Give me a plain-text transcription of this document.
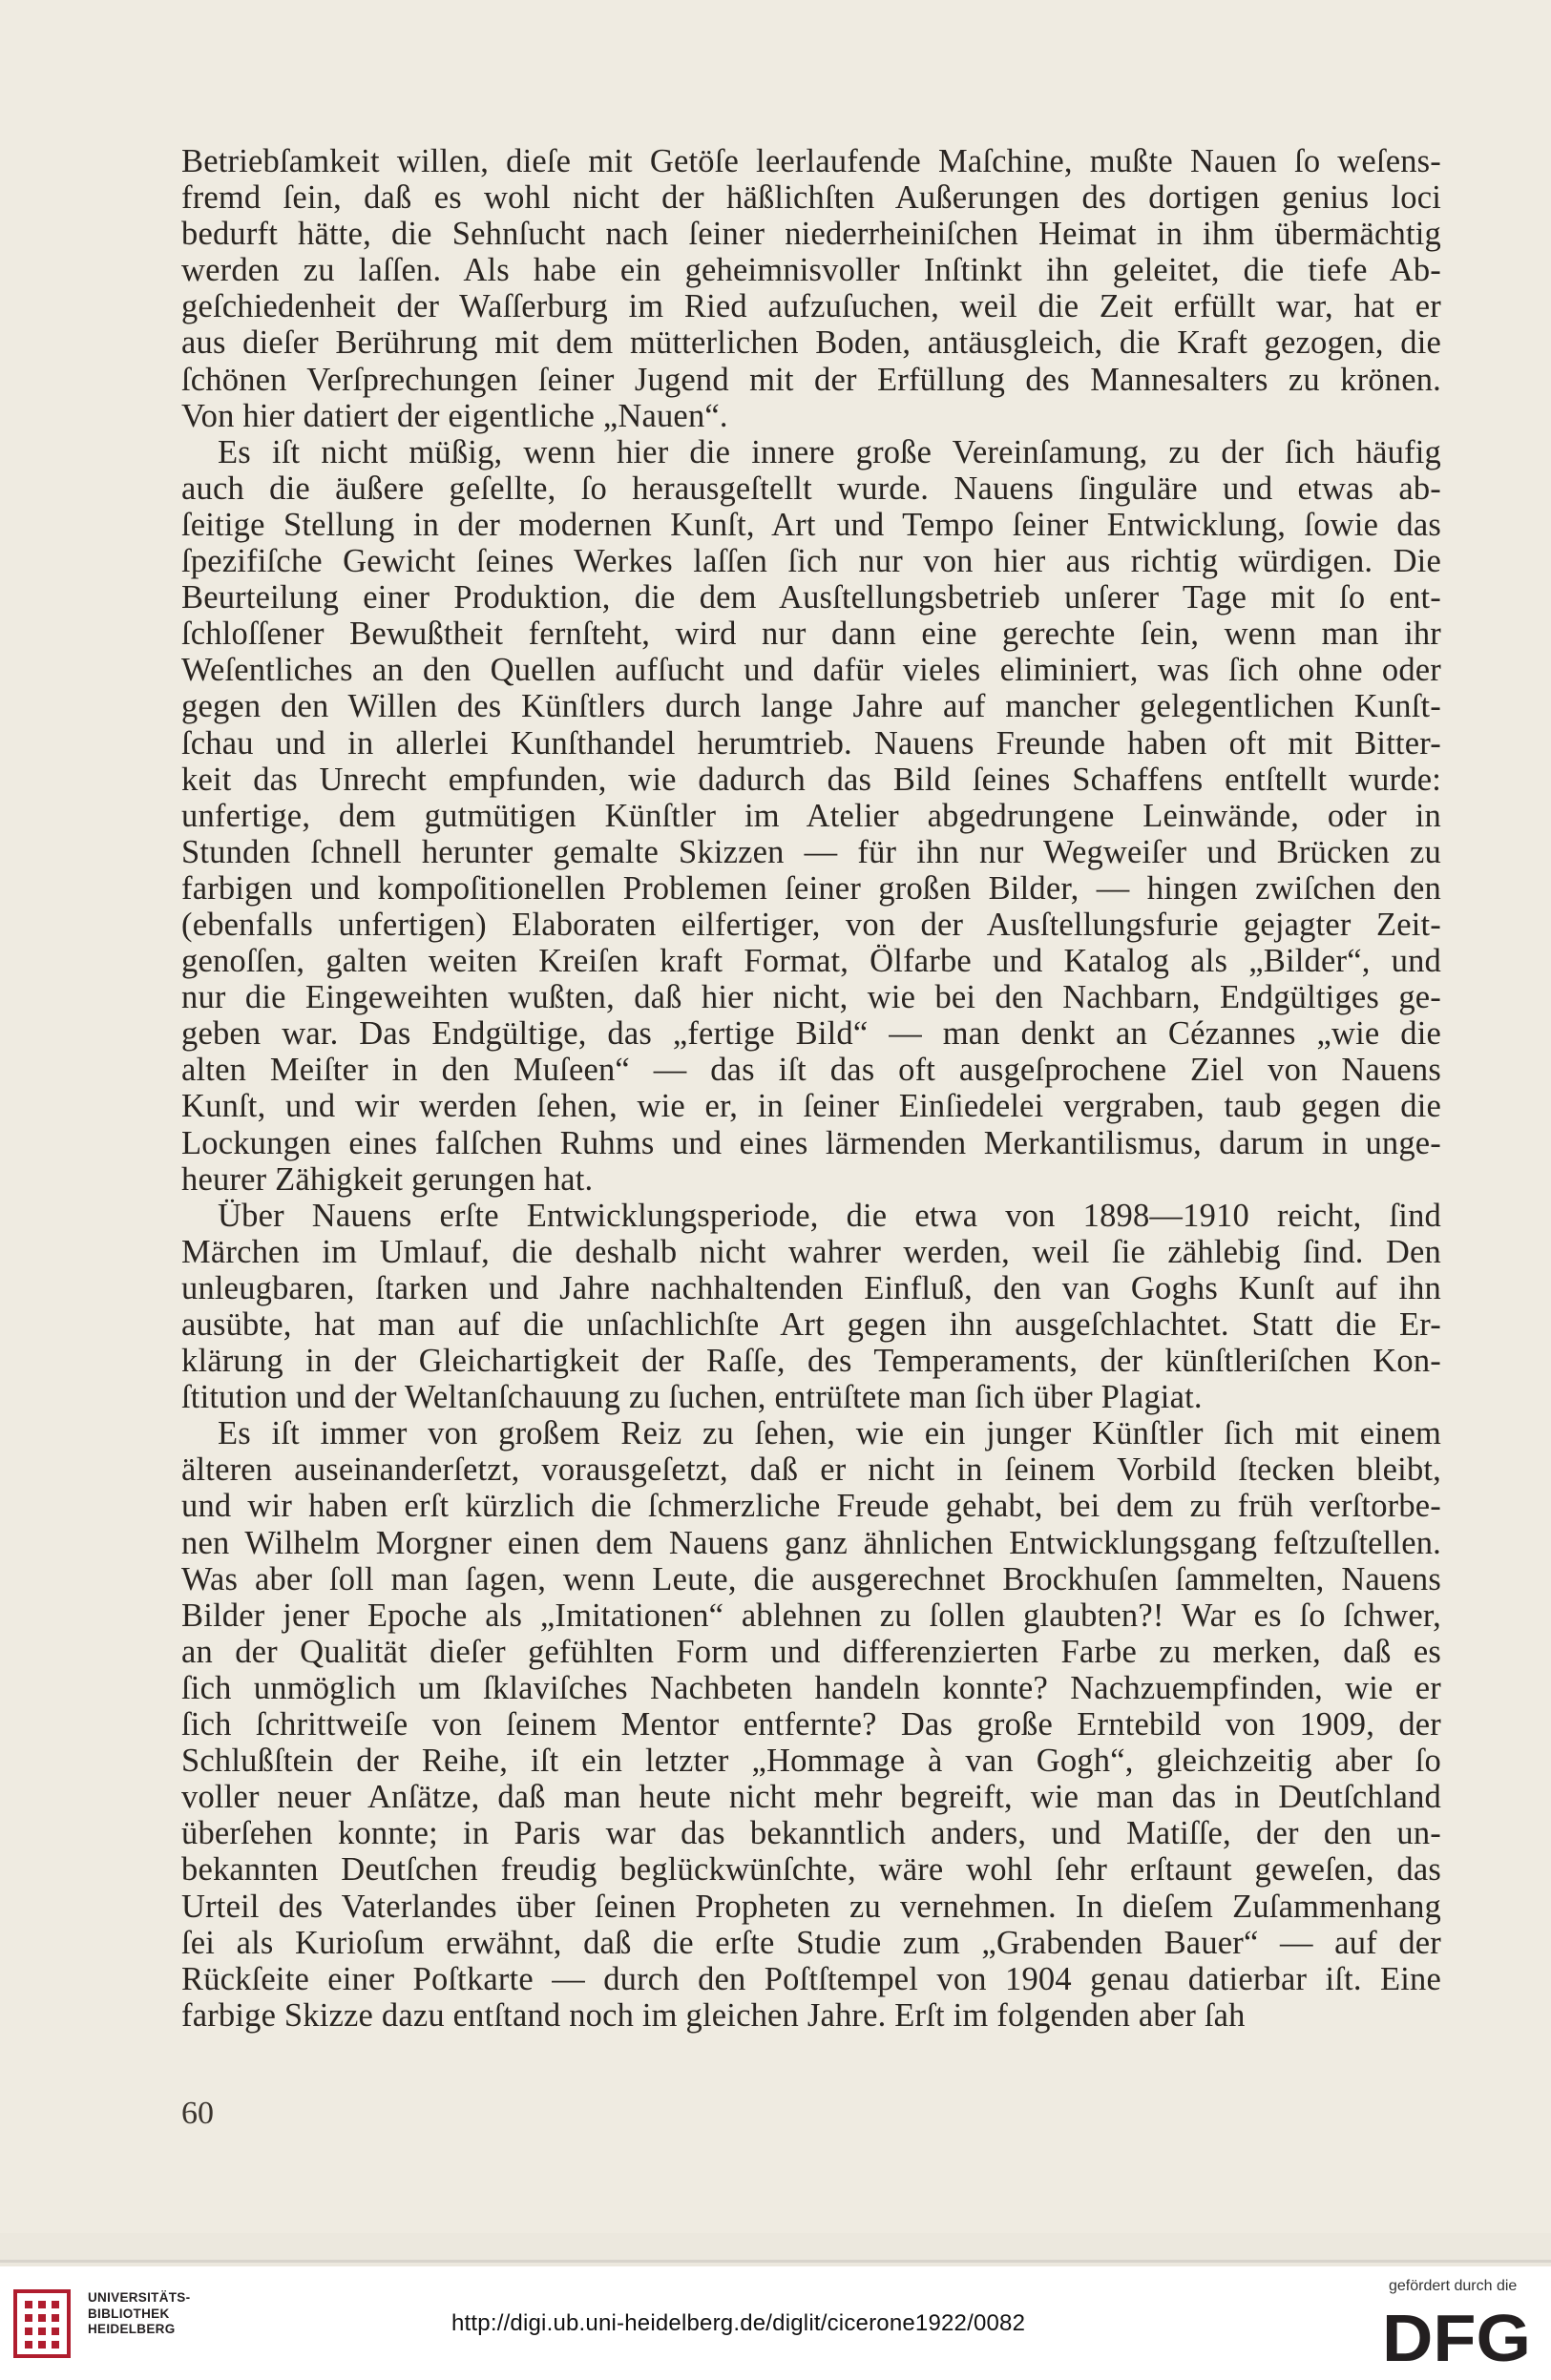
Betriebſamkeit willen, dieſe mit Getöſe leerlaufende Maſchine, mußte Nauen ſo weſens-
fremd ſein, daß es wohl nicht der häßlichſten Außerungen des dortigen genius loci
bedurft hätte, die Sehnſucht nach ſeiner niederrheiniſchen Heimat in ihm übermächtig
werden zu laſſen. Als habe ein geheimnisvoller Inſtinkt ihn geleitet, die tiefe Ab-
geſchiedenheit der Waſſerburg im Ried aufzuſuchen, weil die Zeit erfüllt war, hat er
aus dieſer Berührung mit dem mütterlichen Boden, antäusgleich, die Kraft gezogen, die
ſchönen Verſprechungen ſeiner Jugend mit der Erfüllung des Mannesalters zu krönen.
Von hier datiert der eigentliche „Nauen“.

Es iſt nicht müßig, wenn hier die innere große Vereinſamung, zu der ſich häufig
auch die äußere geſellte, ſo herausgeſtellt wurde. Nauens ſinguläre und etwas ab-
ſeitige Stellung in der modernen Kunſt, Art und Tempo ſeiner Entwicklung, ſowie das
ſpezifiſche Gewicht ſeines Werkes laſſen ſich nur von hier aus richtig würdigen. Die
Beurteilung einer Produktion, die dem Ausſtellungsbetrieb unſerer Tage mit ſo ent-
ſchloſſener Bewußtheit fernſteht, wird nur dann eine gerechte ſein, wenn man ihr
Weſentliches an den Quellen aufſucht und dafür vieles eliminiert, was ſich ohne oder
gegen den Willen des Künſtlers durch lange Jahre auf mancher gelegentlichen Kunſt-
ſchau und in allerlei Kunſthandel herumtrieb. Nauens Freunde haben oft mit Bitter-
keit das Unrecht empfunden, wie dadurch das Bild ſeines Schaffens entſtellt wurde:
unfertige, dem gutmütigen Künſtler im Atelier abgedrungene Leinwände, oder in
Stunden ſchnell herunter gemalte Skizzen — für ihn nur Wegweiſer und Brücken zu
farbigen und kompoſitionellen Problemen ſeiner großen Bilder, — hingen zwiſchen den
(ebenfalls unfertigen) Elaboraten eilfertiger, von der Ausſtellungsfurie gejagter Zeit-
genoſſen, galten weiten Kreiſen kraft Format, Ölfarbe und Katalog als „Bilder“, und
nur die Eingeweihten wußten, daß hier nicht, wie bei den Nachbarn, Endgültiges ge-
geben war. Das Endgültige, das „fertige Bild“ — man denkt an Cézannes „wie die
alten Meiſter in den Muſeen“ — das iſt das oft ausgeſprochene Ziel von Nauens
Kunſt, und wir werden ſehen, wie er, in ſeiner Einſiedelei vergraben, taub gegen die
Lockungen eines falſchen Ruhms und eines lärmenden Merkantilismus, darum in unge-
heurer Zähigkeit gerungen hat.

Über Nauens erſte Entwicklungsperiode, die etwa von 1898—1910 reicht, ſind
Märchen im Umlauf, die deshalb nicht wahrer werden, weil ſie zählebig ſind. Den
unleugbaren, ſtarken und Jahre nachhaltenden Einfluß, den van Goghs Kunſt auf ihn
ausübte, hat man auf die unſachlichſte Art gegen ihn ausgeſchlachtet. Statt die Er-
klärung in der Gleichartigkeit der Raſſe, des Temperaments, der künſtleriſchen Kon-
ſtitution und der Weltanſchauung zu ſuchen, entrüſtete man ſich über Plagiat.

Es iſt immer von großem Reiz zu ſehen, wie ein junger Künſtler ſich mit einem
älteren auseinanderſetzt, vorausgeſetzt, daß er nicht in ſeinem Vorbild ſtecken bleibt,
und wir haben erſt kürzlich die ſchmerzliche Freude gehabt, bei dem zu früh verſtorbe-
nen Wilhelm Morgner einen dem Nauens ganz ähnlichen Entwicklungsgang feſtzuſtellen.
Was aber ſoll man ſagen, wenn Leute, die ausgerechnet Brockhuſen ſammelten, Nauens
Bilder jener Epoche als „Imitationen“ ablehnen zu ſollen glaubten?! War es ſo ſchwer,
an der Qualität dieſer gefühlten Form und differenzierten Farbe zu merken, daß es
ſich unmöglich um ſklaviſches Nachbeten handeln konnte? Nachzuempfinden, wie er
ſich ſchrittweiſe von ſeinem Mentor entfernte? Das große Erntebild von 1909, der
Schlußſtein der Reihe, iſt ein letzter „Hommage à van Gogh“, gleichzeitig aber ſo
voller neuer Anſätze, daß man heute nicht mehr begreift, wie man das in Deutſchland
überſehen konnte; in Paris war das bekanntlich anders, und Matiſſe, der den un-
bekannten Deutſchen freudig beglückwünſchte, wäre wohl ſehr erſtaunt geweſen, das
Urteil des Vaterlandes über ſeinen Propheten zu vernehmen. In dieſem Zuſammenhang
ſei als Kurioſum erwähnt, daß die erſte Studie zum „Grabenden Bauer“ — auf der
Rückſeite einer Poſtkarte — durch den Poſtſtempel von 1904 genau datierbar iſt. Eine
farbige Skizze dazu entſtand noch im gleichen Jahre. Erſt im folgenden aber ſah

60
UNIVERSITÄTS-
BIBLIOTHEK
HEIDELBERG	http://digi.ub.uni-heidelberg.de/diglit/cicerone1922/0082
gefördert durch die
DFG
